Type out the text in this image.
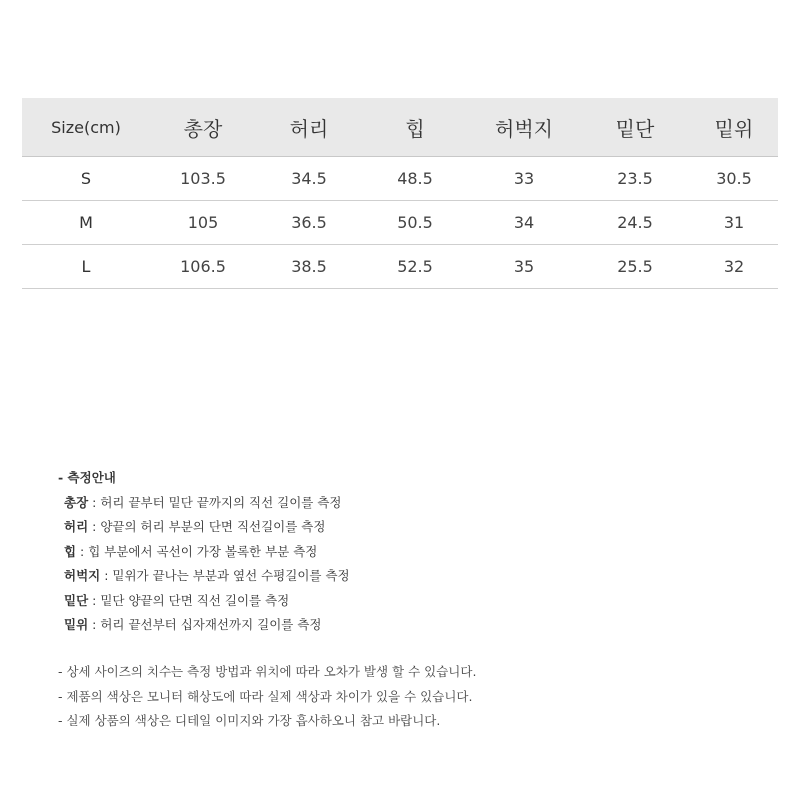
Size(cm)	총장	허리	힙	허벅지	밑단	밑위
S	103.5	34.5	48.5	33	23.5	30.5
M	105	36.5	50.5	34	24.5	31
L	106.5	38.5	52.5	35	25.5	32
- 측정안내
총장 : 허리 끝부터 밑단 끝까지의 직선 길이를 측정
허리 : 양끝의 허리 부분의 단면 직선길이를 측정
힙 : 힙 부분에서 곡선이 가장 볼록한 부분 측정
허벅지 : 밑위가 끝나는 부분과 옆선 수평길이를 측정
밑단 : 밑단 양끝의 단면 직선 길이를 측정
밑위 : 허리 끝선부터 십자재선까지 길이를 측정
- 상세 사이즈의 치수는 측정 방법과 위치에 따라 오차가 발생 할 수 있습니다.
- 제품의 색상은 모니터 해상도에 따라 실제 색상과 차이가 있을 수 있습니다.
- 실제 상품의 색상은 디테일 이미지와 가장 흡사하오니 참고 바랍니다.
